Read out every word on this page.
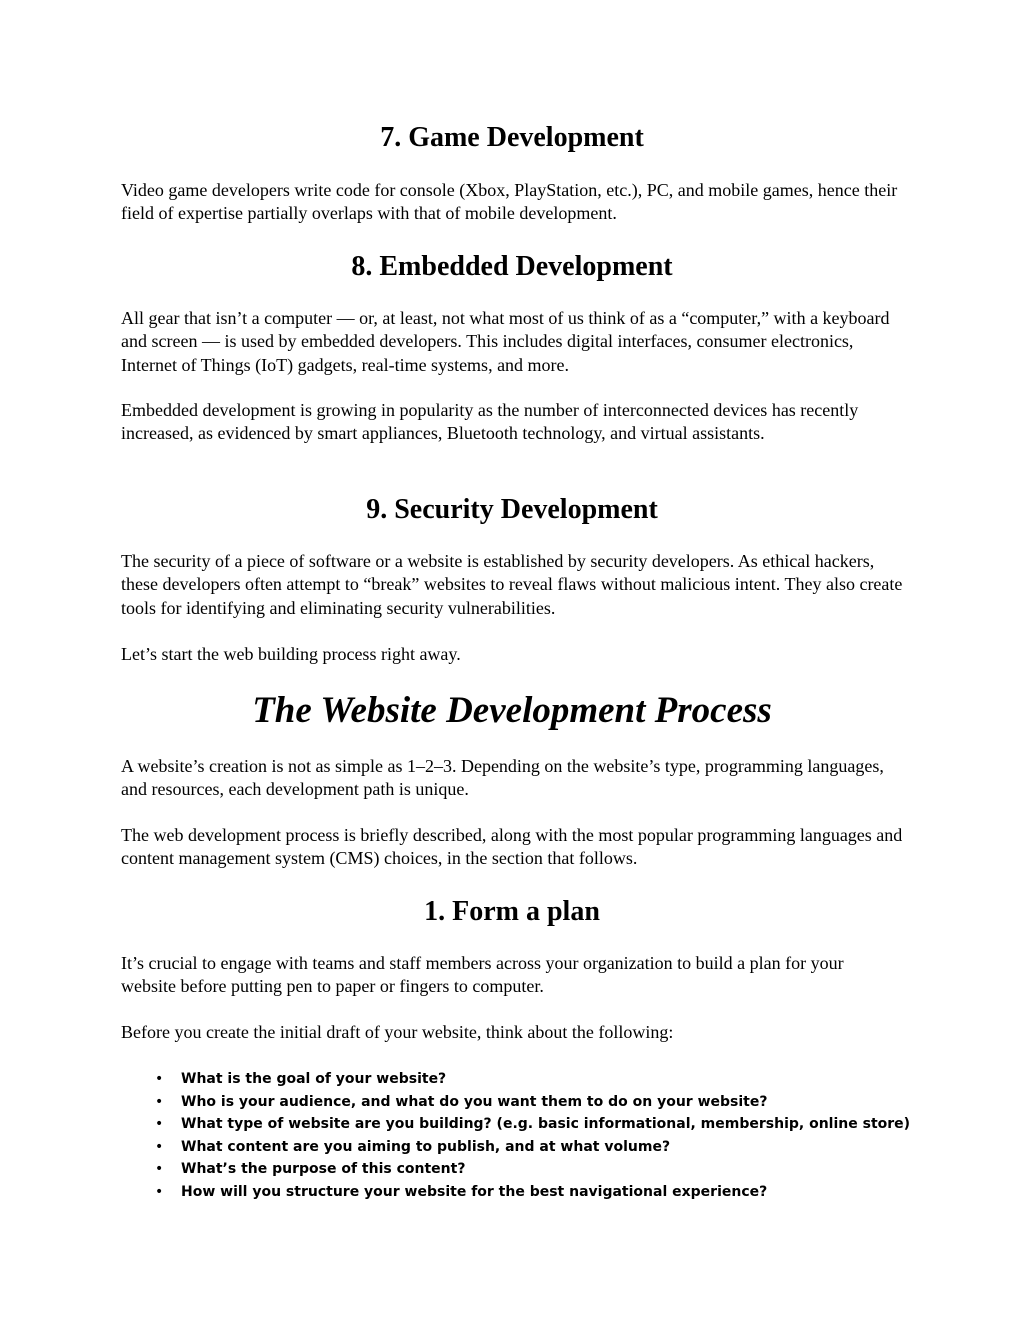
7. Game Development

Video game developers write code for console (Xbox, PlayStation, etc.), PC, and mobile games, hence their field of expertise partially overlaps with that of mobile development.

8. Embedded Development

All gear that isn’t a computer — or, at least, not what most of us think of as a “computer,” with a keyboard and screen — is used by embedded developers. This includes digital interfaces, consumer electronics, Internet of Things (IoT) gadgets, real-time systems, and more.

Embedded development is growing in popularity as the number of interconnected devices has recently increased, as evidenced by smart appliances, Bluetooth technology, and virtual assistants.

9. Security Development

The security of a piece of software or a website is established by security developers. As ethical hackers, these developers often attempt to “break” websites to reveal flaws without malicious intent. They also create tools for identifying and eliminating security vulnerabilities.

Let’s start the web building process right away.

The Website Development Process

A website’s creation is not as simple as 1–2–3. Depending on the website’s type, programming languages, and resources, each development path is unique.

The web development process is briefly described, along with the most popular programming languages and content management system (CMS) choices, in the section that follows.

1. Form a plan

It’s crucial to engage with teams and staff members across your organization to build a plan for your website before putting pen to paper or fingers to computer.

Before you create the initial draft of your website, think about the following:

• What is the goal of your website?
• Who is your audience, and what do you want them to do on your website?
• What type of website are you building? (e.g. basic informational, membership, online store)
• What content are you aiming to publish, and at what volume?
• What’s the purpose of this content?
• How will you structure your website for the best navigational experience?
